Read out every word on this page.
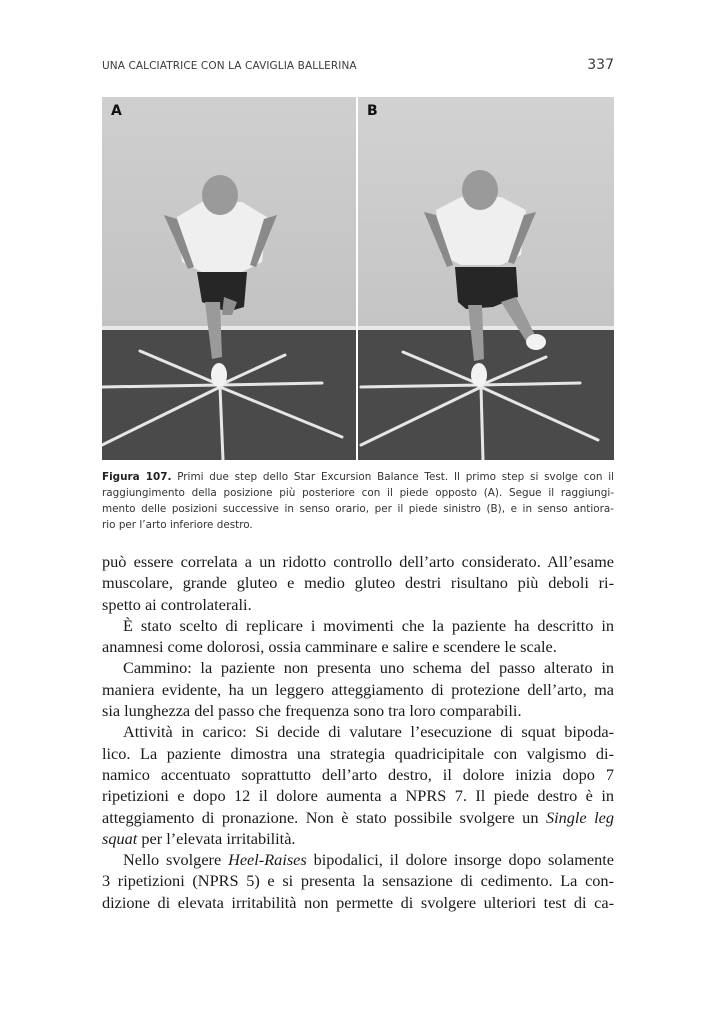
UNA CALCIATRICE CON LA CAVIGLIA BALLERINA	337
A	B
Figura 107. Primi due step dello Star Excursion Balance Test. Il primo step si svolge con il
raggiungimento della posizione più posteriore con il piede opposto (A). Segue il raggiungi-
mento delle posizioni successive in senso orario, per il piede sinistro (B), e in senso antiora-
rio per l’arto inferiore destro.

può essere correlata a un ridotto controllo dell’arto considerato. All’esame
muscolare, grande gluteo e medio gluteo destri risultano più deboli ri-
spetto ai controlaterali.

È stato scelto di replicare i movimenti che la paziente ha descritto in
anamnesi come dolorosi, ossia camminare e salire e scendere le scale.

Cammino: la paziente non presenta uno schema del passo alterato in
maniera evidente, ha un leggero atteggiamento di protezione dell’arto, ma
sia lunghezza del passo che frequenza sono tra loro comparabili.

Attività in carico: Si decide di valutare l’esecuzione di squat bipoda-
lico. La paziente dimostra una strategia quadricipitale con valgismo di-
namico accentuato soprattutto dell’arto destro, il dolore inizia dopo 7
ripetizioni e dopo 12 il dolore aumenta a NPRS 7. Il piede destro è in
atteggiamento di pronazione. Non è stato possibile svolgere un Single leg
squat per l’elevata irritabilità.

Nello svolgere Heel-Raises bipodalici, il dolore insorge dopo solamente
3 ripetizioni (NPRS 5) e si presenta la sensazione di cedimento. La con-
dizione di elevata irritabilità non permette di svolgere ulteriori test di ca-
